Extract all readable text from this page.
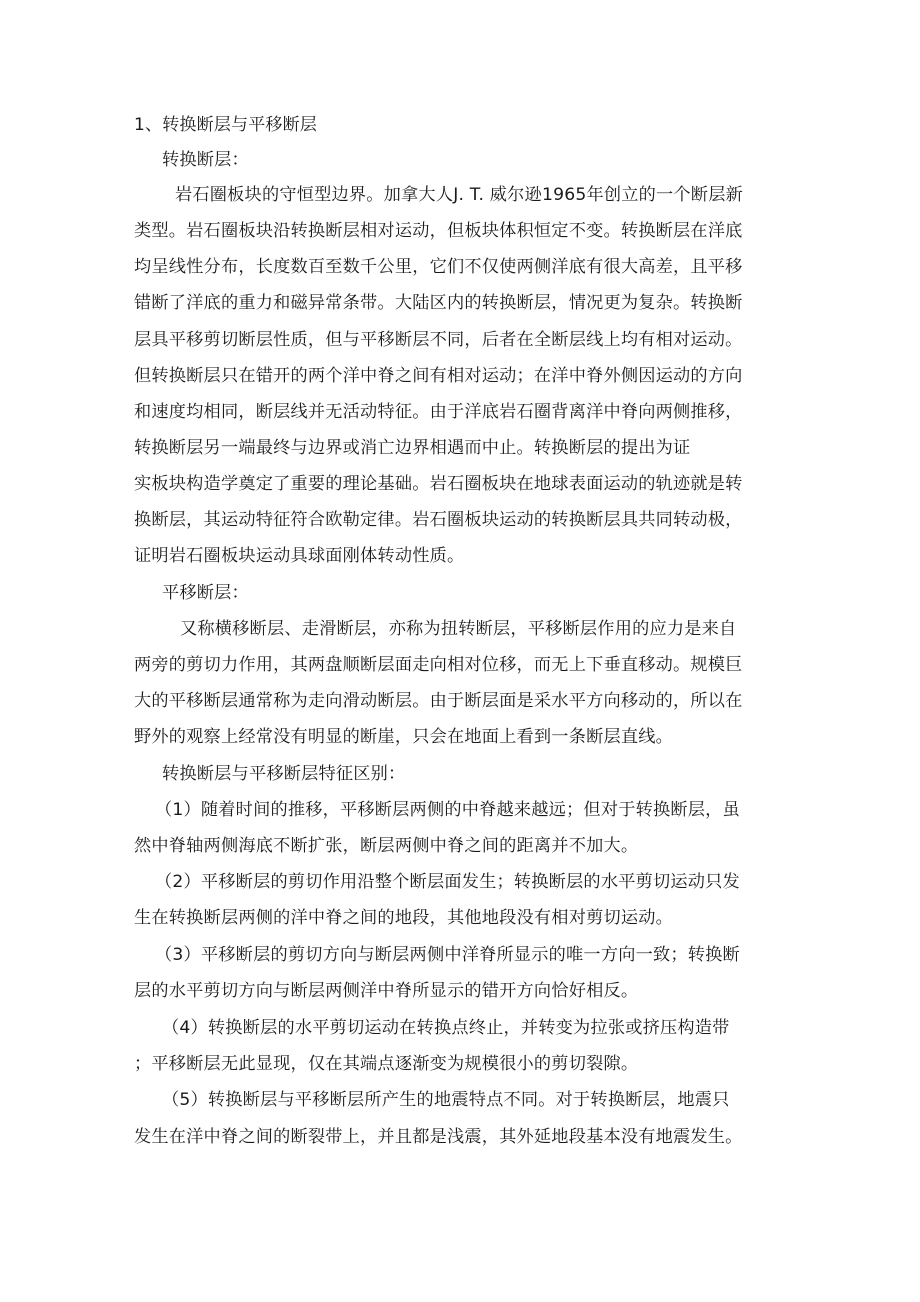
1、转换断层与平移断层
转换断层：
岩石圈板块的守恒型边界。加拿大人J. T. 威尔逊1965年创立的一个断层新
类型。岩石圈板块沿转换断层相对运动，但板块体积恒定不变。转换断层在洋底
均呈线性分布，长度数百至数千公里，它们不仅使两侧洋底有很大高差，且平移
错断了洋底的重力和磁异常条带。大陆区内的转换断层，情况更为复杂。转换断
层具平移剪切断层性质，但与平移断层不同，后者在全断层线上均有相对运动。
但转换断层只在错开的两个洋中脊之间有相对运动；在洋中脊外侧因运动的方向
和速度均相同，断层线并无活动特征。由于洋底岩石圈背离洋中脊向两侧推移，
转换断层另一端最终与边界或消亡边界相遇而中止。转换断层的提出为证
实板块构造学奠定了重要的理论基础。岩石圈板块在地球表面运动的轨迹就是转
换断层，其运动特征符合欧勒定律。岩石圈板块运动的转换断层具共同转动极，
证明岩石圈板块运动具球面刚体转动性质。
平移断层：
又称横移断层、走滑断层，亦称为扭转断层，平移断层作用的应力是来自
两旁的剪切力作用，其两盘顺断层面走向相对位移，而无上下垂直移动。规模巨
大的平移断层通常称为走向滑动断层。由于断层面是采水平方向移动的，所以在
野外的观察上经常没有明显的断崖，只会在地面上看到一条断层直线。
转换断层与平移断层特征区别：
（1）随着时间的推移，平移断层两侧的中脊越来越远；但对于转换断层，虽
然中脊轴两侧海底不断扩张，断层两侧中脊之间的距离并不加大。
（2）平移断层的剪切作用沿整个断层面发生；转换断层的水平剪切运动只发
生在转换断层两侧的洋中脊之间的地段，其他地段没有相对剪切运动。
（3）平移断层的剪切方向与断层两侧中洋脊所显示的唯一方向一致；转换断
层的水平剪切方向与断层两侧洋中脊所显示的错开方向恰好相反。
（4）转换断层的水平剪切运动在转换点终止，并转变为拉张或挤压构造带
；平移断层无此显现，仅在其端点逐渐变为规模很小的剪切裂隙。
（5）转换断层与平移断层所产生的地震特点不同。对于转换断层，地震只
发生在洋中脊之间的断裂带上，并且都是浅震，其外延地段基本没有地震发生。
